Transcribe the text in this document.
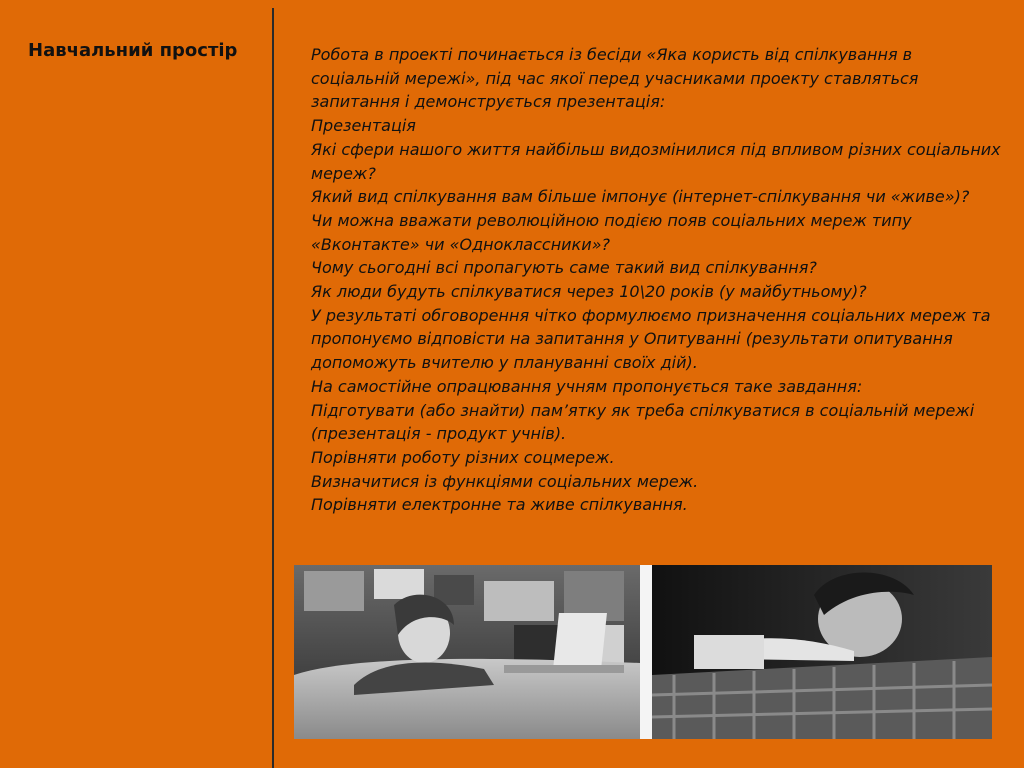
Навчальний простір	Робота в проекті починається із бесіди «Яка користь від спілкування в соціальній мережі», під час якої перед учасниками проекту ставляться запитання і демонструється презентація:

Презентація

Які сфери нашого життя найбільш видозмінилися під впливом різних соціальних мереж?

Який вид спілкування вам більше імпонує (інтернет-спілкування чи «живе»)?

Чи можна вважати революційною подією появ соціальних мереж типу «Вконтакте» чи «Одноклассники»?

Чому сьогодні всі пропагують саме такий вид спілкування?

Як люди будуть спілкуватися через 10\20 років (у майбутньому)?

У результаті обговорення чітко формулюємо призначення соціальних мереж та пропонуємо відповісти на запитання у Опитуванні (результати опитування допоможуть вчителю у плануванні своїх дій).

На самостійне опрацювання учням пропонується таке завдання:

Підготувати (або знайти) пам’ятку як треба спілкуватися в соціальній мережі (презентація - продукт учнів).

Порівняти роботу різних соцмереж.

Визначитися із функціями соціальних мереж.

Порівняти електронне та живе спілкування.
